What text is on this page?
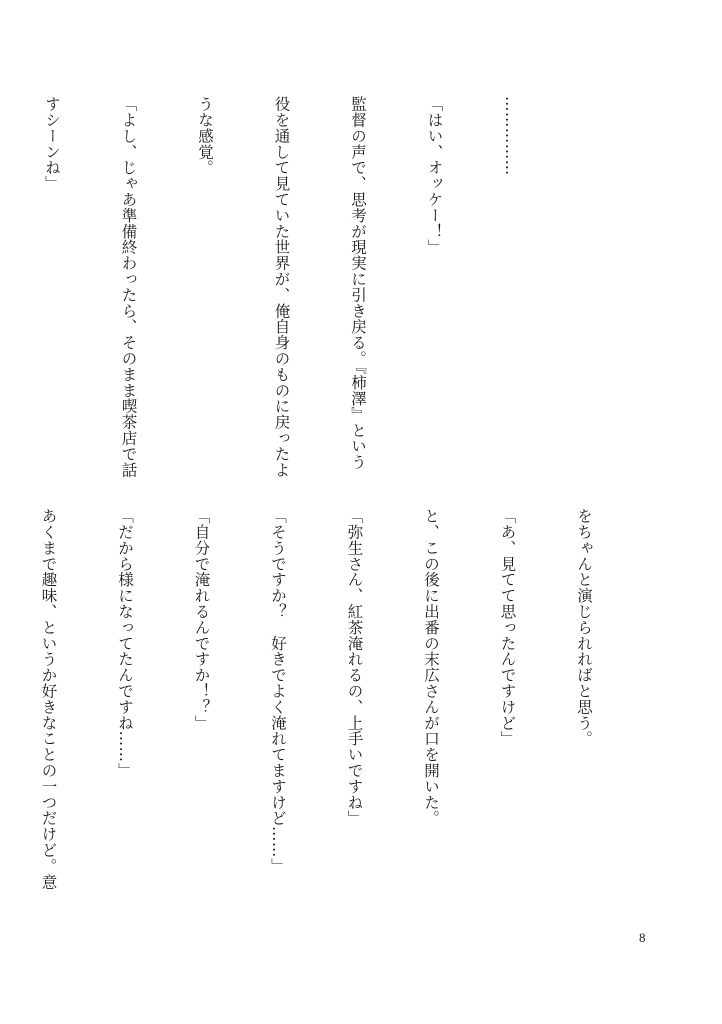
……………

「はい、オッケー！」

監督の声で、思考が現実に引き戻る。『柿澤』という

役を通して見ていた世界が、俺自身のものに戻ったよ

うな感覚。

「よし、じゃあ準備終わったら、そのまま喫茶店で話

すシーンね」

をちゃんと演じられればと思う。

「あ、見てて思ったんですけど」

と、この後に出番の末広さんが口を開いた。

「弥生さん、紅茶淹れるの、上手いですね」

「そうですか？　好きでよく淹れてますけど……」

「自分で淹れるんですか！？」

「だから様になってたんですね……」

あくまで趣味、というか好きなことの一つだけど。意

8
